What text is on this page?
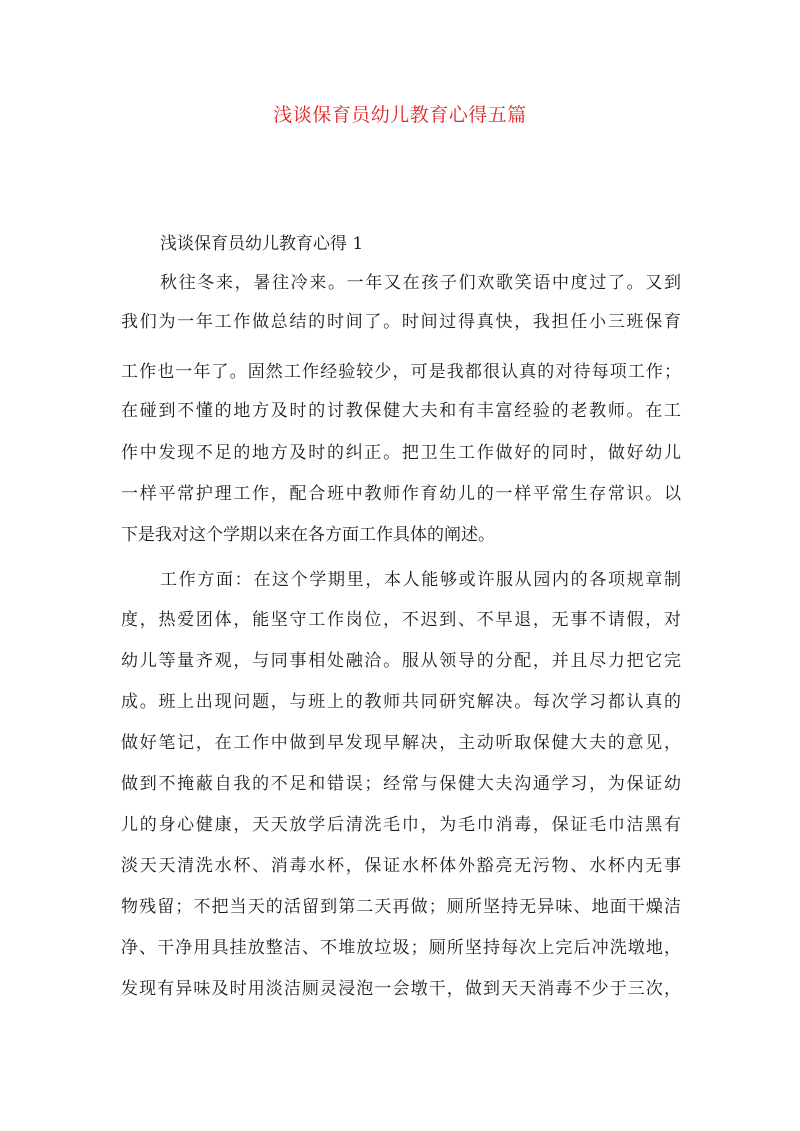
浅谈保育员幼儿教育心得五篇

浅谈保育员幼儿教育心得 1

秋往冬来，暑往冷来。一年又在孩子们欢歌笑语中度过了。又到

我们为一年工作做总结的时间了。时间过得真快，我担任小三班保育

工作也一年了。固然工作经验较少，可是我都很认真的对待每项工作；

在碰到不懂的地方及时的讨教保健大夫和有丰富经验的老教师。在工

作中发现不足的地方及时的纠正。把卫生工作做好的同时，做好幼儿

一样平常护理工作，配合班中教师作育幼儿的一样平常生存常识。以

下是我对这个学期以来在各方面工作具体的阐述。

工作方面：在这个学期里，本人能够或许服从园内的各项规章制

度，热爱团体，能坚守工作岗位，不迟到、不早退，无事不请假，对

幼儿等量齐观，与同事相处融洽。服从领导的分配，并且尽力把它完

成。班上出现问题，与班上的教师共同研究解决。每次学习都认真的

做好笔记，在工作中做到早发现早解决，主动听取保健大夫的意见，

做到不掩蔽自我的不足和错误；经常与保健大夫沟通学习，为保证幼

儿的身心健康，天天放学后清洗毛巾，为毛巾消毒，保证毛巾洁黑有

淡天天清洗水杯、消毒水杯，保证水杯体外豁亮无污物、水杯内无事

物残留；不把当天的活留到第二天再做；厕所坚持无异味、地面干燥洁

净、干净用具挂放整洁、不堆放垃圾；厕所坚持每次上完后冲洗墩地，

发现有异味及时用淡洁厕灵浸泡一会墩干，做到天天消毒不少于三次，
